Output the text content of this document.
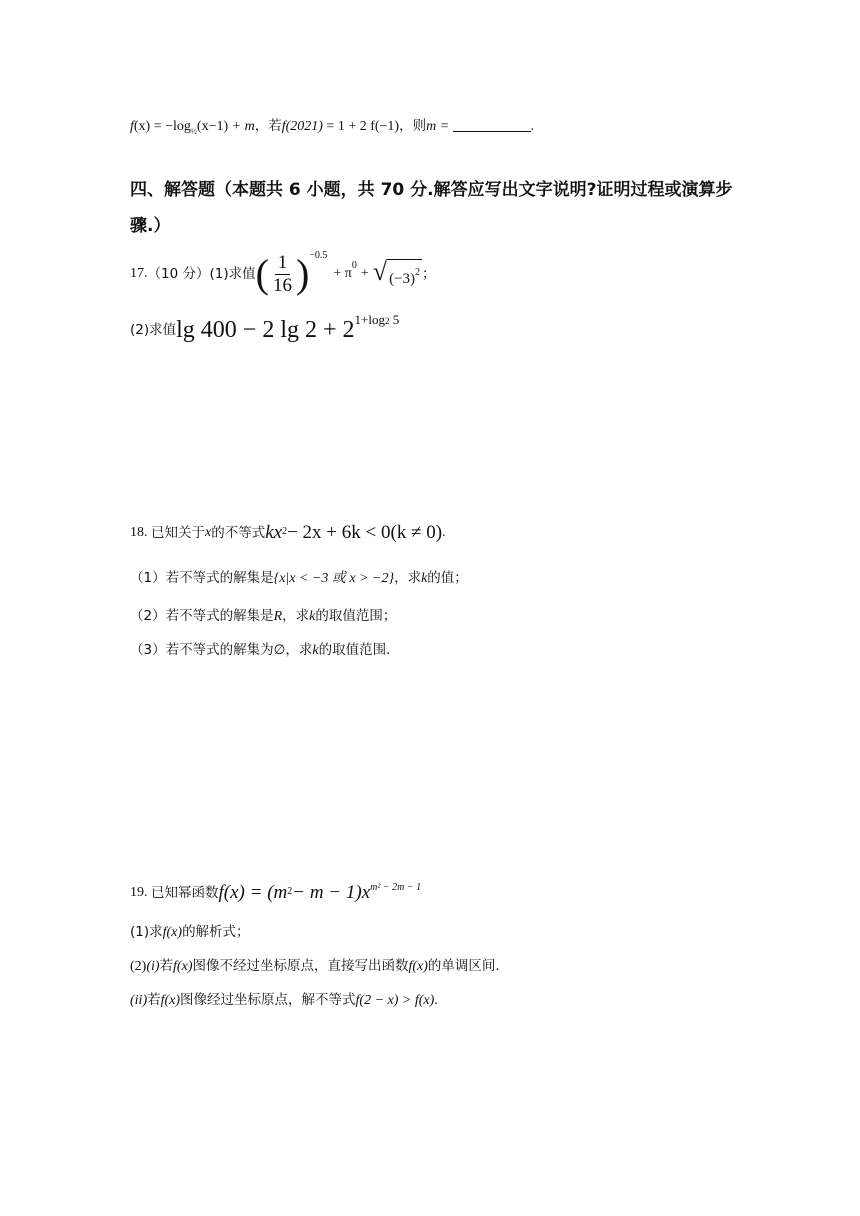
$f(x) = -\log_{\frac{1}{2}}(x-1) + m$，若f(2021) = 1 + 2 f(−1)，则m =	.
四、解答题（本题共 6 小题，共 70 分.解答应写出文字说明?证明过程或演算步骤.）
17. （10 分） (1)求值 ( $\frac{1}{16}$ ) −0.5
+ π
0
+ √ $(-3)^2$ ；
(2)求值 lg 400 − 2 lg 2 + 2 1+log2 5
18.
已知关于 x 的不等式 kx 2 − 2x + 6k < 0 (k ≠ 0) .
（1）若不等式的解集是{x|x < −3 或 x > −2}，求k的值；
（2）若不等式的解集是R，求k的取值范围；
（3）若不等式的解集为∅，求k的取值范围.
19.
已知幂函数 f(x) = (m 2 − m − 1)x m² − 2m − 1
(1)求f(x)的解析式；
(2)(i)若f(x)图像不经过坐标原点，直接写出函数f(x)的单调区间.
(ii)若f(x)图像经过坐标原点，解不等式f(2 − x) > f(x).
